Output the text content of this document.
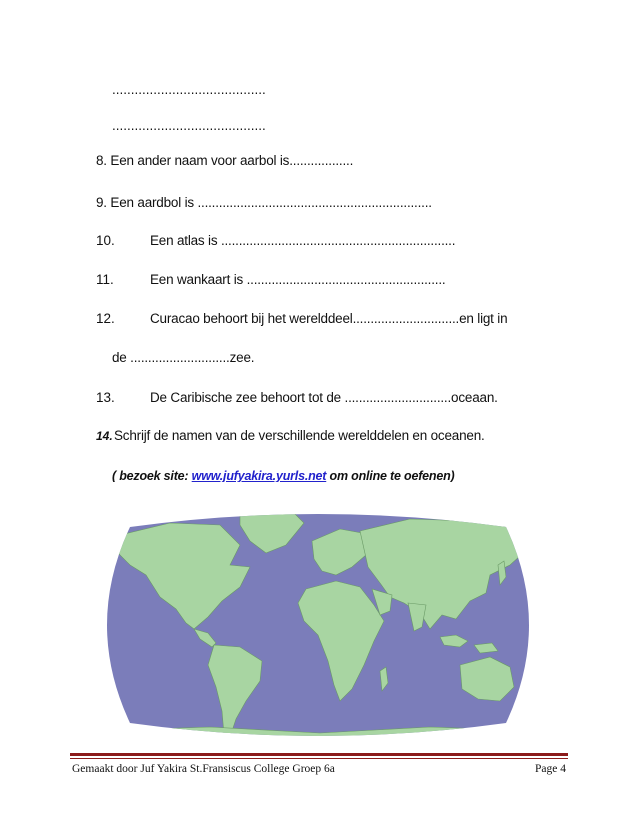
.........................................
.........................................
8. Een ander naam voor aarbol is..................
9. Een aardbol is ..................................................................
10.	Een atlas is ..................................................................
11.	Een wankaart is ........................................................
12.	Curacao behoort bij het werelddeel..............................en ligt in
de ............................zee.
13.	De Caribische zee behoort tot de ..............................oceaan.
14. Schrijf de namen van de verschillende werelddelen en oceanen.
( bezoek site: www.jufyakira.yurls.net om online te oefenen)
Gemaakt door Juf Yakira St.Fransiscus College Groep 6a	Page 4
